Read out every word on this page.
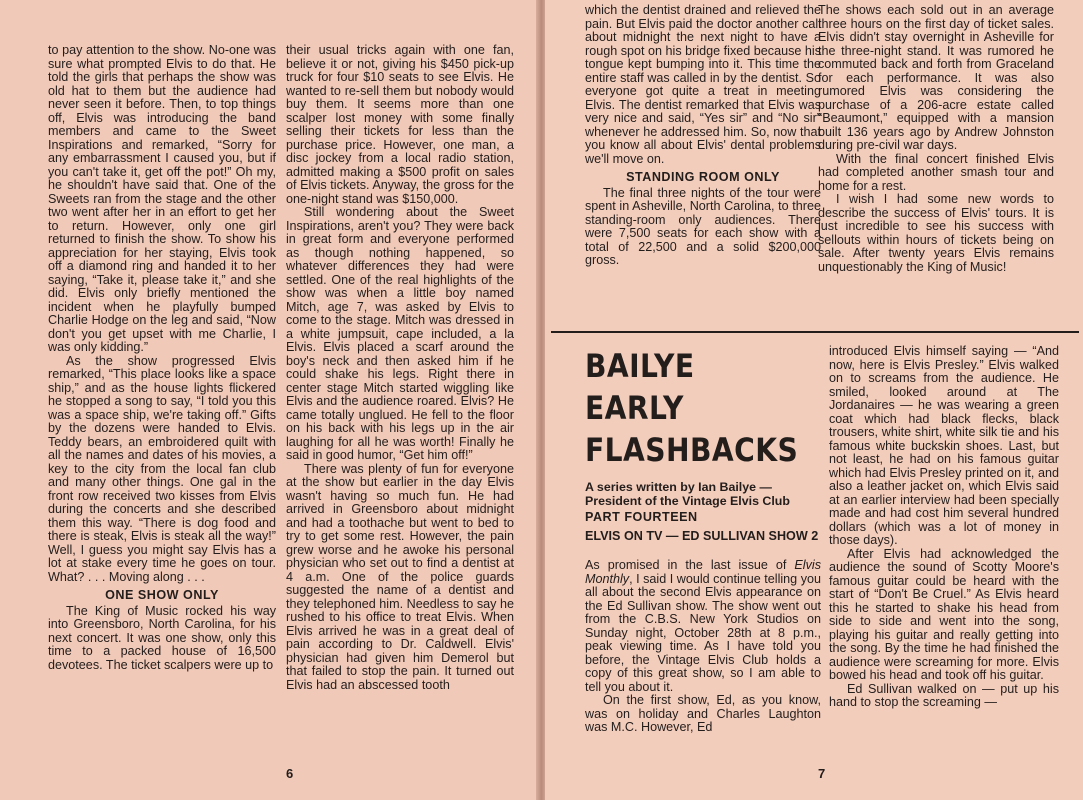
to pay attention to the show. No-one was sure what prompted Elvis to do that. He told the girls that perhaps the show was old hat to them but the audience had never seen it before. Then, to top things off, Elvis was introducing the band members and came to the Sweet Inspirations and remarked, “Sorry for any embarrassment I caused you, but if you can't take it, get off the pot!” Oh my, he shouldn't have said that. One of the Sweets ran from the stage and the other two went after her in an effort to get her to return. However, only one girl returned to finish the show. To show his appreciation for her staying, Elvis took off a diamond ring and handed it to her saying, “Take it, please take it,” and she did. Elvis only briefly mentioned the incident when he playfully bumped Charlie Hodge on the leg and said, “Now don't you get upset with me Charlie, I was only kidding.”

As the show progressed Elvis remarked, “This place looks like a space ship,” and as the house lights flickered he stopped a song to say, “I told you this was a space ship, we're taking off.” Gifts by the dozens were handed to Elvis. Teddy bears, an embroidered quilt with all the names and dates of his movies, a key to the city from the local fan club and many other things. One gal in the front row received two kisses from Elvis during the concerts and she described them this way. “There is dog food and there is steak, Elvis is steak all the way!” Well, I guess you might say Elvis has a lot at stake every time he goes on tour. What? . . . Moving along . . .

ONE SHOW ONLY

The King of Music rocked his way into Greensboro, North Carolina, for his next concert. It was one show, only this time to a packed house of 16,500 devotees. The ticket scalpers were up to

their usual tricks again with one fan, believe it or not, giving his $450 pick-up truck for four $10 seats to see Elvis. He wanted to re-sell them but nobody would buy them. It seems more than one scalper lost money with some finally selling their tickets for less than the purchase price. However, one man, a disc jockey from a local radio station, admitted making a $500 profit on sales of Elvis tickets. Anyway, the gross for the one-night stand was $150,000.

Still wondering about the Sweet Inspirations, aren't you? They were back in great form and everyone performed as though nothing happened, so whatever differences they had were settled. One of the real highlights of the show was when a little boy named Mitch, age 7, was asked by Elvis to come to the stage. Mitch was dressed in a white jumpsuit, cape included, a la Elvis. Elvis placed a scarf around the boy's neck and then asked him if he could shake his legs. Right there in center stage Mitch started wiggling like Elvis and the audience roared. Elvis? He came totally unglued. He fell to the floor on his back with his legs up in the air laughing for all he was worth! Finally he said in good humor, “Get him off!”

There was plenty of fun for everyone at the show but earlier in the day Elvis wasn't having so much fun. He had arrived in Greensboro about midnight and had a toothache but went to bed to try to get some rest. However, the pain grew worse and he awoke his personal physician who set out to find a dentist at 4 a.m. One of the police guards suggested the name of a dentist and they telephoned him. Needless to say he rushed to his office to treat Elvis. When Elvis arrived he was in a great deal of pain according to Dr. Caldwell. Elvis' physician had given him Demerol but that failed to stop the pain. It turned out Elvis had an abscessed tooth

6

which the dentist drained and relieved the pain. But Elvis paid the doctor another call about midnight the next night to have a rough spot on his bridge fixed because his tongue kept bumping into it. This time the entire staff was called in by the dentist. So everyone got quite a treat in meeting Elvis. The dentist remarked that Elvis was very nice and said, “Yes sir” and “No sir” whenever he addressed him. So, now that you know all about Elvis' dental problems we'll move on.

STANDING ROOM ONLY

The final three nights of the tour were spent in Asheville, North Carolina, to three standing-room only audiences. There were 7,500 seats for each show with a total of 22,500 and a solid $200,000 gross.

The shows each sold out in an average three hours on the first day of ticket sales. Elvis didn't stay overnight in Asheville for the three-night stand. It was rumored he commuted back and forth from Graceland for each performance. It was also rumored Elvis was considering the purchase of a 206-acre estate called “Beaumont,” equipped with a mansion built 136 years ago by Andrew Johnston during pre-civil war days.

With the final concert finished Elvis had completed another smash tour and home for a rest.

I wish I had some new words to describe the success of Elvis' tours. It is just incredible to see his success with sellouts within hours of tickets being on sale. After twenty years Elvis remains unquestionably the King of Music!

BAILYE
EARLY
FLASHBACKS
A series written by Ian Bailye — President of the Vintage Elvis Club
PART FOURTEEN
ELVIS ON TV — ED SULLIVAN SHOW 2

As promised in the last issue of Elvis Monthly, I said I would continue telling you all about the second Elvis appearance on the Ed Sullivan show. The show went out from the C.B.S. New York Studios on Sunday night, October 28th at 8 p.m., peak viewing time. As I have told you before, the Vintage Elvis Club holds a copy of this great show, so I am able to tell you about it.

On the first show, Ed, as you know, was on holiday and Charles Laughton was M.C. However, Ed

introduced Elvis himself saying — “And now, here is Elvis Presley.” Elvis walked on to screams from the audience. He smiled, looked around at The Jordanaires — he was wearing a green coat which had black flecks, black trousers, white shirt, white silk tie and his famous white buckskin shoes. Last, but not least, he had on his famous guitar which had Elvis Presley printed on it, and also a leather jacket on, which Elvis said at an earlier interview had been specially made and had cost him several hundred dollars (which was a lot of money in those days).

After Elvis had acknowledged the audience the sound of Scotty Moore's famous guitar could be heard with the start of “Don't Be Cruel.” As Elvis heard this he started to shake his head from side to side and went into the song, playing his guitar and really getting into the song. By the time he had finished the audience were screaming for more. Elvis bowed his head and took off his guitar.

Ed Sullivan walked on — put up his hand to stop the screaming —

7
